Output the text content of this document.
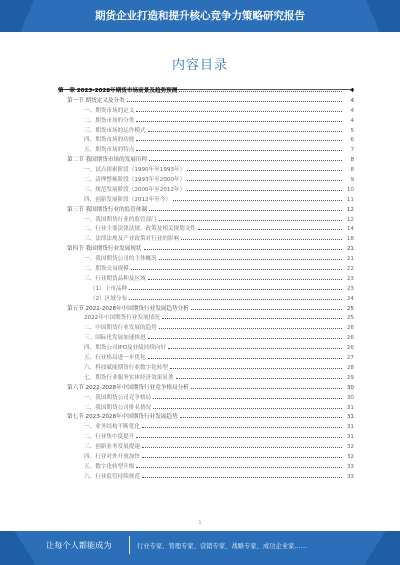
期货企业打造和提升核心竞争力策略研究报告
内容目录
第一章 2023-2028年期货市场前景及趋势预测	4
第一节 期货定义及分类	4
一、期货市场的定义	4
二、期货市场的分类	4
三、期货市场的运作模式	5
四、期货市场的功能	6
五、期货市场的特点	7
第二节 我国期货市场的发展历程	8
一、试点探索阶段（1990年至1993年）	8
二、清理整顿阶段（1993年至2000年）	9
三、规范发展阶段（2000年至2012年）	10
四、创新发展阶段（2012年至今）	11
第三节 我国期货行业的监管体制	12
一、我国期货行业的监管部门	12
二、行业主要法律法规、政策及相关规划文件	14
三、法律法规及产业政策对行业的影响	18
第四节 我国期货行业发展现状	21
一、我国期货公司的主体概况	21
二、期货交易规模	22
三、行业期货品种及区域	23
（1）上市品种	23
（2）区域分布	24
第五节 2022-2028年中国期货行业发展趋势分析	25
2022年中国期货行业发展情况	25
二、中国期货行业发展的趋势	26
三、国际化发展加速推进	26
四、期货公司IPO及业绩持续向好	26
五、行业格局进一步优化	27
六、科技赋能期货行业数字化转型	28
七、期货行业服务实体经济效果显著	29
第六节 2022-2028年中国期货行业竞争格局分析	30
一、我国期货公司竞争格局	30
二、我国期货公司排名情况	31
第七节 2023-2028年中国期货行业发展趋势	31
一、业务结构不断优化	31
二、行业集中度提升	31
三、创新业务发展提速	32
四、行业对外开放加快	32
五、数字化转型升级	33
六、行业监管持续规范	33
1
让每个人都能成为	行业专家、管理专家、营销专家、战略专家、成功企业家……
